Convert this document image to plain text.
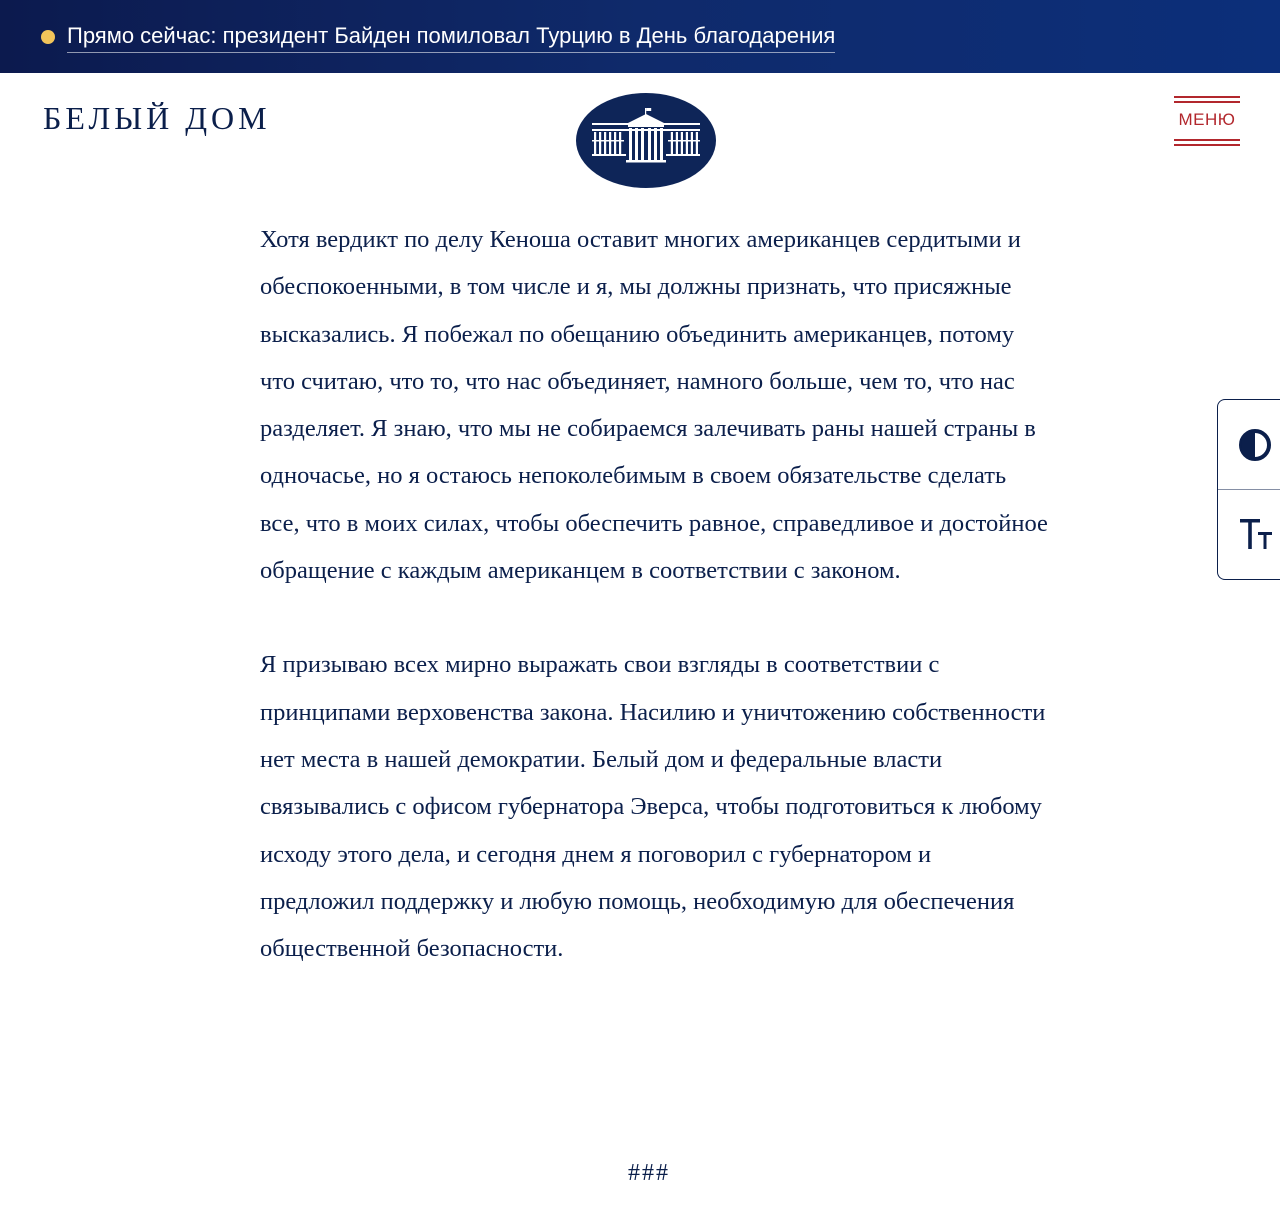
Прямо сейчас: президент Байден помиловал Турцию в День благодарения
БЕЛЫЙ ДОМ	МЕНЮ

Хотя вердикт по делу Кеноша оставит многих американцев сердитыми и обеспокоенными, в том числе и я, мы должны признать, что присяжные высказались. Я побежал по обещанию объединить американцев, потому что считаю, что то, что нас объединяет, намного больше, чем то, что нас разделяет. Я знаю, что мы не собираемся залечивать раны нашей страны в одночасье, но я остаюсь непоколебимым в своем обязательстве сделать все, что в моих силах, чтобы обеспечить равное, справедливое и достойное обращение с каждым американцем в соответствии с законом.

Я призываю всех мирно выражать свои взгляды в соответствии с принципами верховенства закона. Насилию и уничтожению собственности нет места в нашей демократии. Белый дом и федеральные власти связывались с офисом губернатора Эверса, чтобы подготовиться к любому исходу этого дела, и сегодня днем я поговорил с губернатором и предложил поддержку и любую помощь, необходимую для обеспечения общественной безопасности.

###
